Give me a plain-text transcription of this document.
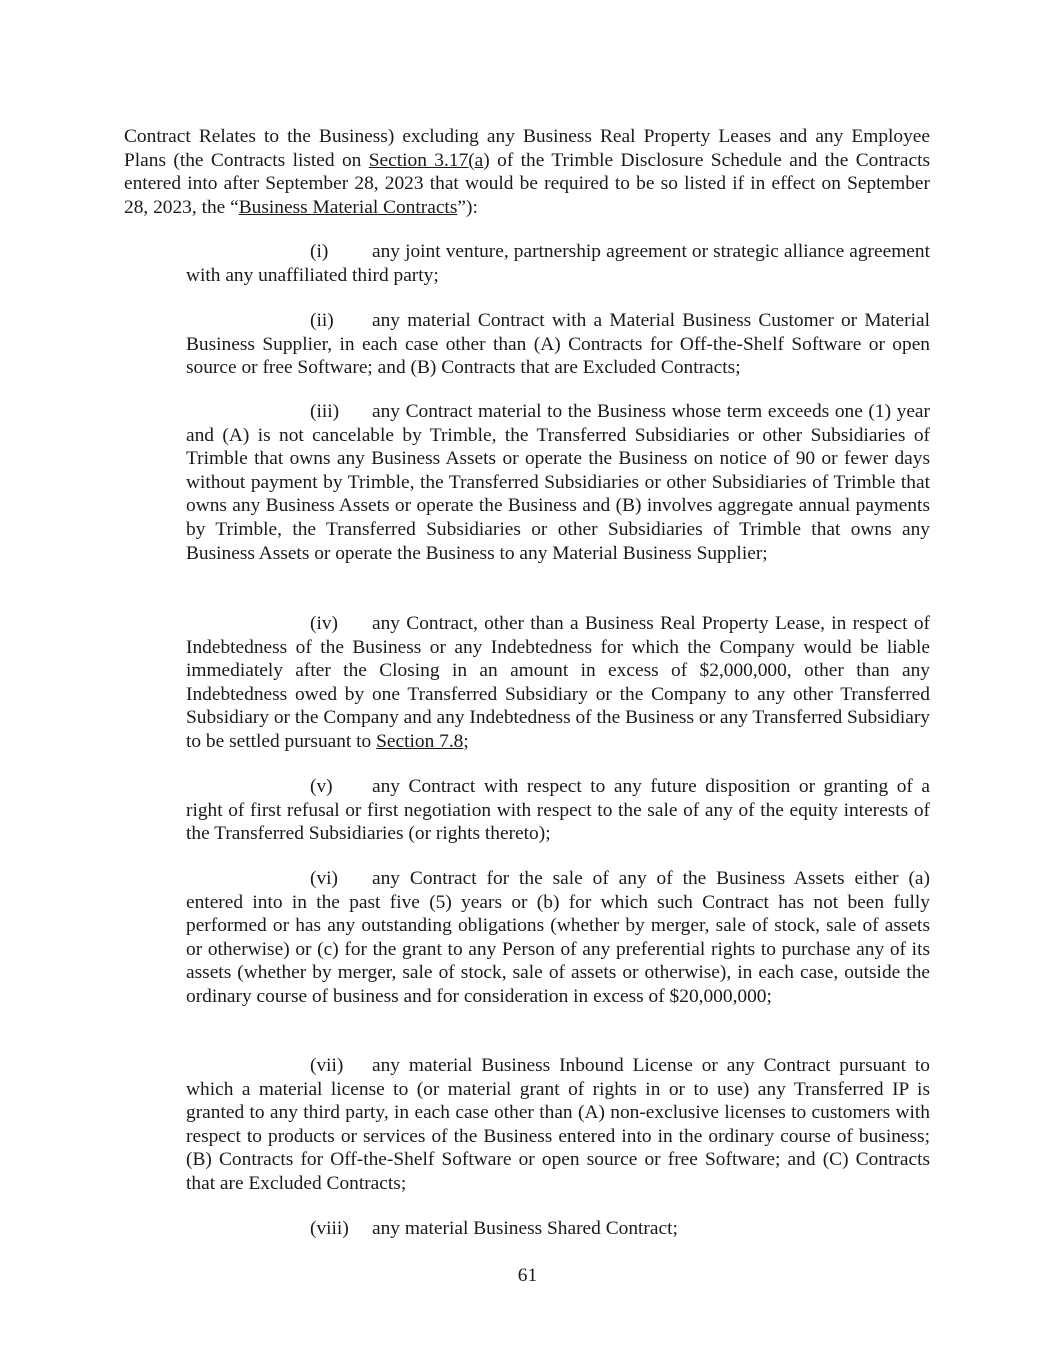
Contract Relates to the Business) excluding any Business Real Property Leases and any Employee Plans (the Contracts listed on Section 3.17(a) of the Trimble Disclosure Schedule and the Contracts entered into after September 28, 2023 that would be required to be so listed if in effect on September 28, 2023, the “Business Material Contracts”):

(i) any joint venture, partnership agreement or strategic alliance agreement with any unaffiliated third party;

(ii) any material Contract with a Material Business Customer or Material Business Supplier, in each case other than (A) Contracts for Off-the-Shelf Software or open source or free Software; and (B) Contracts that are Excluded Contracts;

(iii) any Contract material to the Business whose term exceeds one (1) year and (A) is not cancelable by Trimble, the Transferred Subsidiaries or other Subsidiaries of Trimble that owns any Business Assets or operate the Business on notice of 90 or fewer days without payment by Trimble, the Transferred Subsidiaries or other Subsidiaries of Trimble that owns any Business Assets or operate the Business and (B) involves aggregate annual payments by Trimble, the Transferred Subsidiaries or other Subsidiaries of Trimble that owns any Business Assets or operate the Business to any Material Business Supplier;

(iv) any Contract, other than a Business Real Property Lease, in respect of Indebtedness of the Business or any Indebtedness for which the Company would be liable immediately after the Closing in an amount in excess of $2,000,000, other than any Indebtedness owed by one Transferred Subsidiary or the Company to any other Transferred Subsidiary or the Company and any Indebtedness of the Business or any Transferred Subsidiary to be settled pursuant to Section 7.8;

(v) any Contract with respect to any future disposition or granting of a right of first refusal or first negotiation with respect to the sale of any of the equity interests of the Transferred Subsidiaries (or rights thereto);

(vi) any Contract for the sale of any of the Business Assets either (a) entered into in the past five (5) years or (b) for which such Contract has not been fully performed or has any outstanding obligations (whether by merger, sale of stock, sale of assets or otherwise) or (c) for the grant to any Person of any preferential rights to purchase any of its assets (whether by merger, sale of stock, sale of assets or otherwise), in each case, outside the ordinary course of business and for consideration in excess of $20,000,000;

(vii) any material Business Inbound License or any Contract pursuant to which a material license to (or material grant of rights in or to use) any Transferred IP is granted to any third party, in each case other than (A) non-exclusive licenses to customers with respect to products or services of the Business entered into in the ordinary course of business; (B) Contracts for Off-the-Shelf Software or open source or free Software; and (C) Contracts that are Excluded Contracts;

(viii) any material Business Shared Contract;

61
